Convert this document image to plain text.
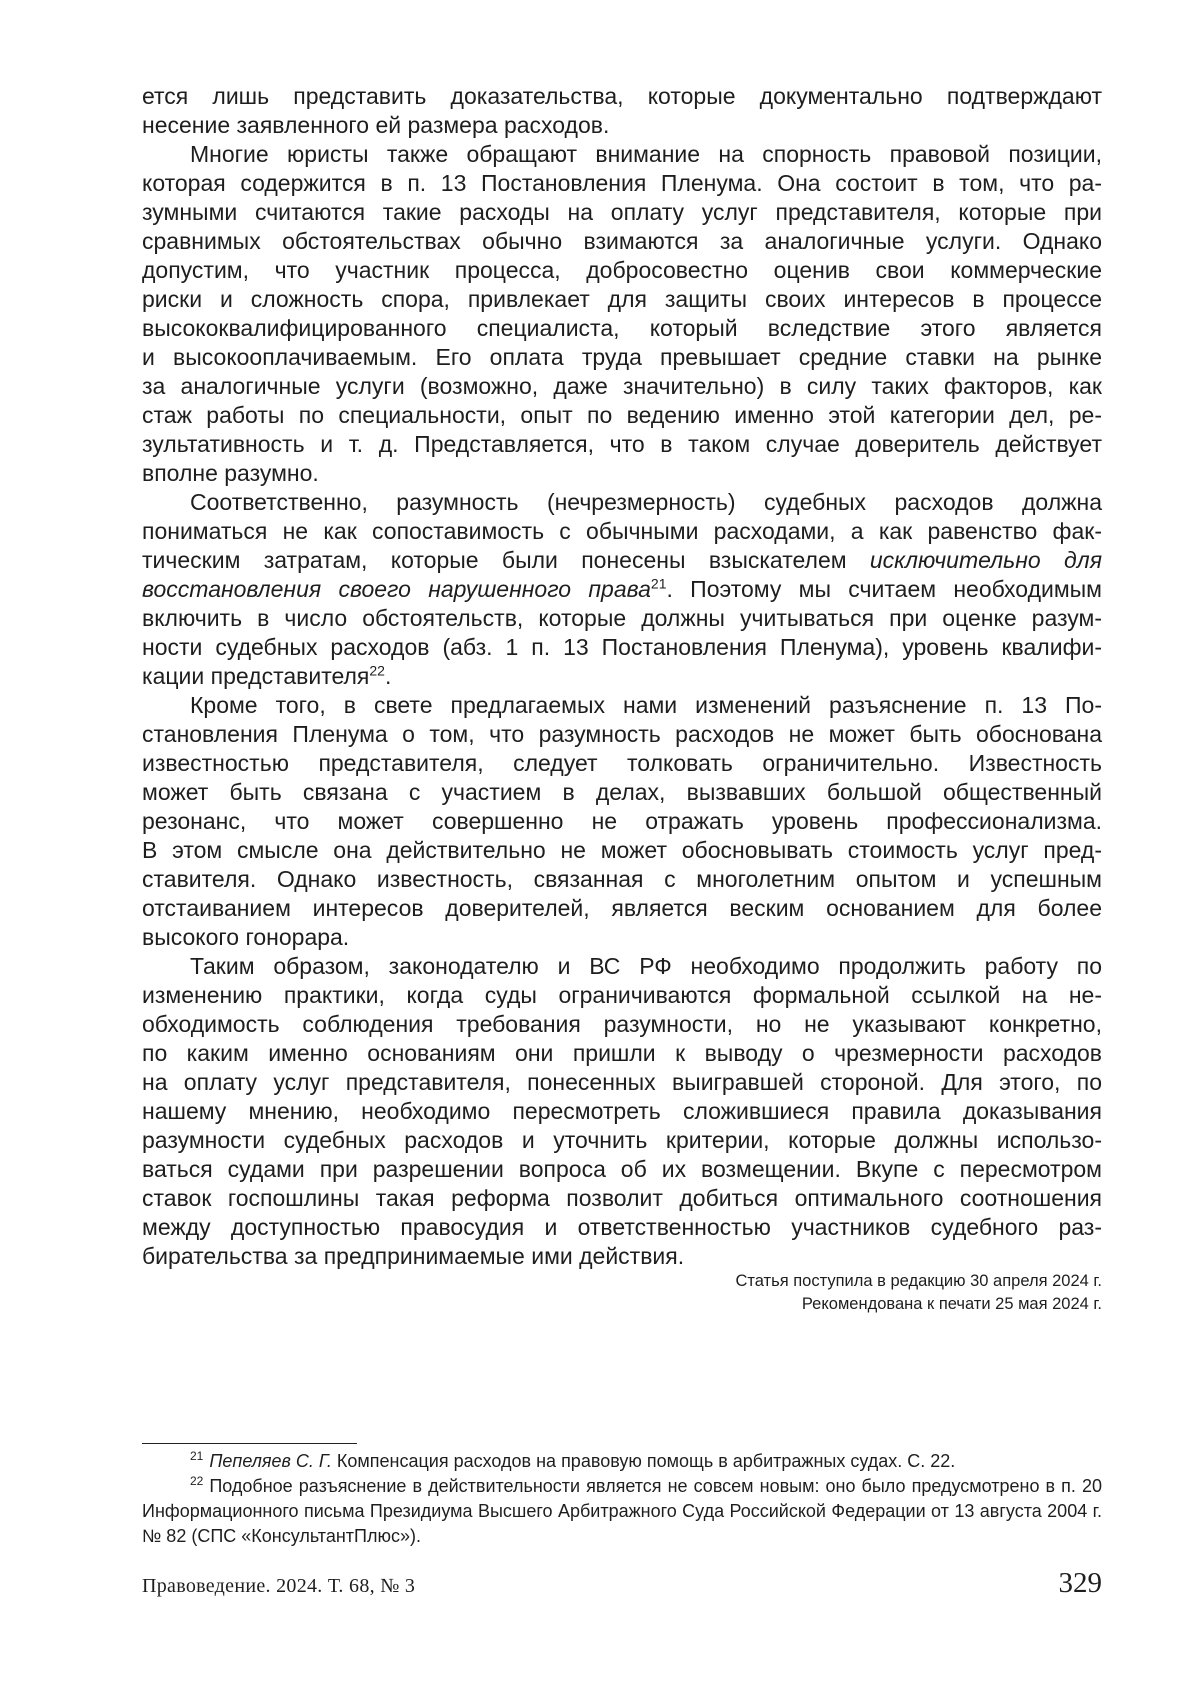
ется лишь представить доказательства, которые документально подтверждают

несение заявленного ей размера расходов.

Многие юристы также обращают внимание на спорность правовой позиции,

которая содержится в п. 13 Постановления Пленума. Она состоит в том, что ра-

зумными считаются такие расходы на оплату услуг представителя, которые при

сравнимых обстоятельствах обычно взимаются за аналогичные услуги. Однако

допустим, что участник процесса, добросовестно оценив свои коммерческие

риски и сложность спора, привлекает для защиты своих интересов в процессе

высококвалифицированного специалиста, который вследствие этого является

и высокооплачиваемым. Его оплата труда превышает средние ставки на рынке

за аналогичные услуги (возможно, даже значительно) в силу таких факторов, как

стаж работы по специальности, опыт по ведению именно этой категории дел, ре-

зультативность и т. д. Представляется, что в таком случае доверитель действует

вполне разумно.

Соответственно, разумность (нечрезмерность) судебных расходов должна

пониматься не как сопоставимость с обычными расходами, а как равенство фак-

тическим затратам, которые были понесены взыскателем исключительно для

восстановления своего нарушенного права$^{21}$. Поэтому мы считаем необходимым

включить в число обстоятельств, которые должны учитываться при оценке разум-

ности судебных расходов (абз. 1 п. 13 Постановления Пленума), уровень квалифи-

кации представителя$^{22}$.

Кроме того, в свете предлагаемых нами изменений разъяснение п. 13 По-

становления Пленума о том, что разумность расходов не может быть обоснована

известностью представителя, следует толковать ограничительно. Известность

может быть связана с участием в делах, вызвавших большой общественный

резонанс, что может совершенно не отражать уровень профессионализма.

В этом смысле она действительно не может обосновывать стоимость услуг пред-

ставителя. Однако известность, связанная с многолетним опытом и успешным

отстаиванием интересов доверителей, является веским основанием для более

высокого гонорара.

Таким образом, законодателю и ВС РФ необходимо продолжить работу по

изменению практики, когда суды ограничиваются формальной ссылкой на не-

обходимость соблюдения требования разумности, но не указывают конкретно,

по каким именно основаниям они пришли к выводу о чрезмерности расходов

на оплату услуг представителя, понесенных выигравшей стороной. Для этого, по

нашему мнению, необходимо пересмотреть сложившиеся правила доказывания

разумности судебных расходов и уточнить критерии, которые должны использо-

ваться судами при разрешении вопроса об их возмещении. Вкупе с пересмотром

ставок госпошлины такая реформа позволит добиться оптимального соотношения

между доступностью правосудия и ответственностью участников судебного раз-

бирательства за предпринимаемые ими действия.

Статья поступила в редакцию 30 апреля 2024 г.
Рекомендована к печати 25 мая 2024 г.

$^{21}$ Пепеляев С. Г. Компенсация расходов на правовую помощь в арбитражных судах. С. 22.

$^{22}$ Подобное разъяснение в действительности является не совсем новым: оно было предусмотрено в п. 20 Информационного письма Президиума Высшего Арбитражного Суда Российской Федерации от 13 августа 2004 г. № 82 (СПС «КонсультантПлюс»).

Правоведение. 2024. Т. 68, № 3	329
